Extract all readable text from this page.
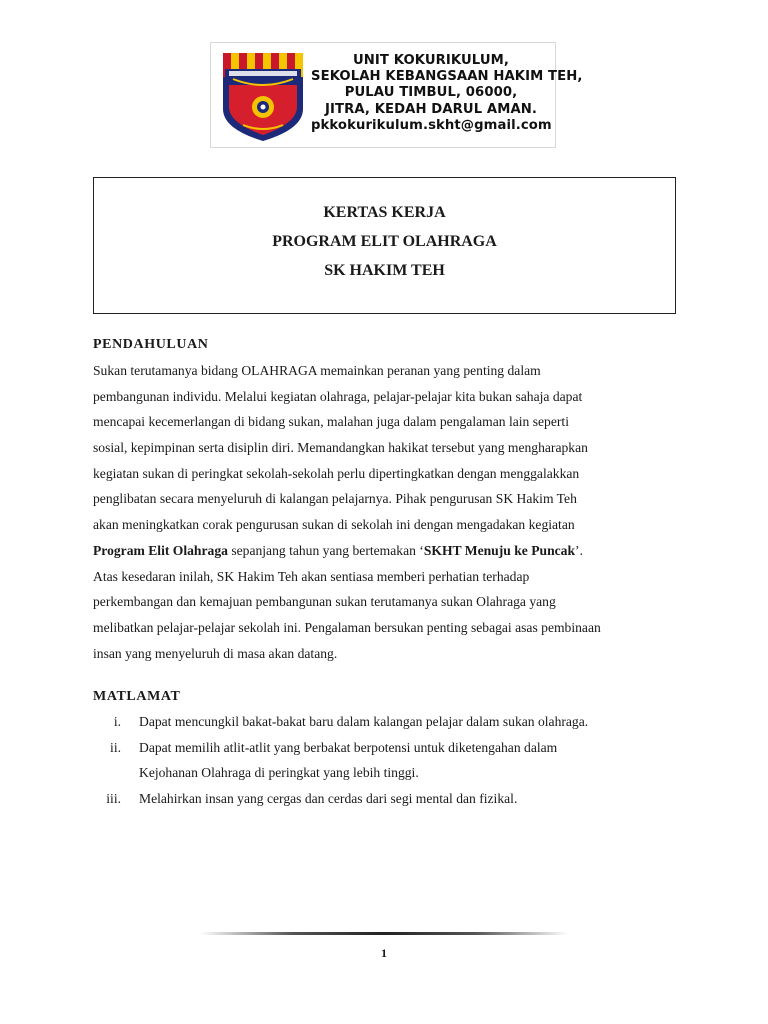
UNIT KOKURIKULUM,
SEKOLAH KEBANGSAAN HAKIM TEH,
PULAU TIMBUL, 06000,
JITRA, KEDAH DARUL AMAN.
pkkokurikulum.skht@gmail.com
KERTAS KERJA
PROGRAM ELIT OLAHRAGA
SK HAKIM TEH
PENDAHULUAN
Sukan terutamanya bidang OLAHRAGA memainkan peranan yang penting dalam
pembangunan individu. Melalui kegiatan olahraga, pelajar-pelajar kita bukan sahaja dapat
mencapai kecemerlangan di bidang sukan, malahan juga dalam pengalaman lain seperti
sosial, kepimpinan serta disiplin diri. Memandangkan hakikat tersebut yang mengharapkan
kegiatan sukan di peringkat sekolah-sekolah perlu dipertingkatkan dengan menggalakkan
penglibatan secara menyeluruh di kalangan pelajarnya. Pihak pengurusan SK Hakim Teh
akan meningkatkan corak pengurusan sukan di sekolah ini dengan mengadakan kegiatan
Program Elit Olahraga sepanjang tahun yang bertemakan ‘SKHT Menuju ke Puncak’.
Atas kesedaran inilah, SK Hakim Teh akan sentiasa memberi perhatian terhadap
perkembangan dan kemajuan pembangunan sukan terutamanya sukan Olahraga yang
melibatkan pelajar-pelajar sekolah ini. Pengalaman bersukan penting sebagai asas pembinaan
insan yang menyeluruh di masa akan datang.
MATLAMAT
i. Dapat mencungkil bakat-bakat baru dalam kalangan pelajar dalam sukan olahraga.
ii. Dapat memilih atlit-atlit yang berbakat berpotensi untuk diketengahan dalam
Kejohanan Olahraga di peringkat yang lebih tinggi.
iii. Melahirkan insan yang cergas dan cerdas dari segi mental dan fizikal.
1
